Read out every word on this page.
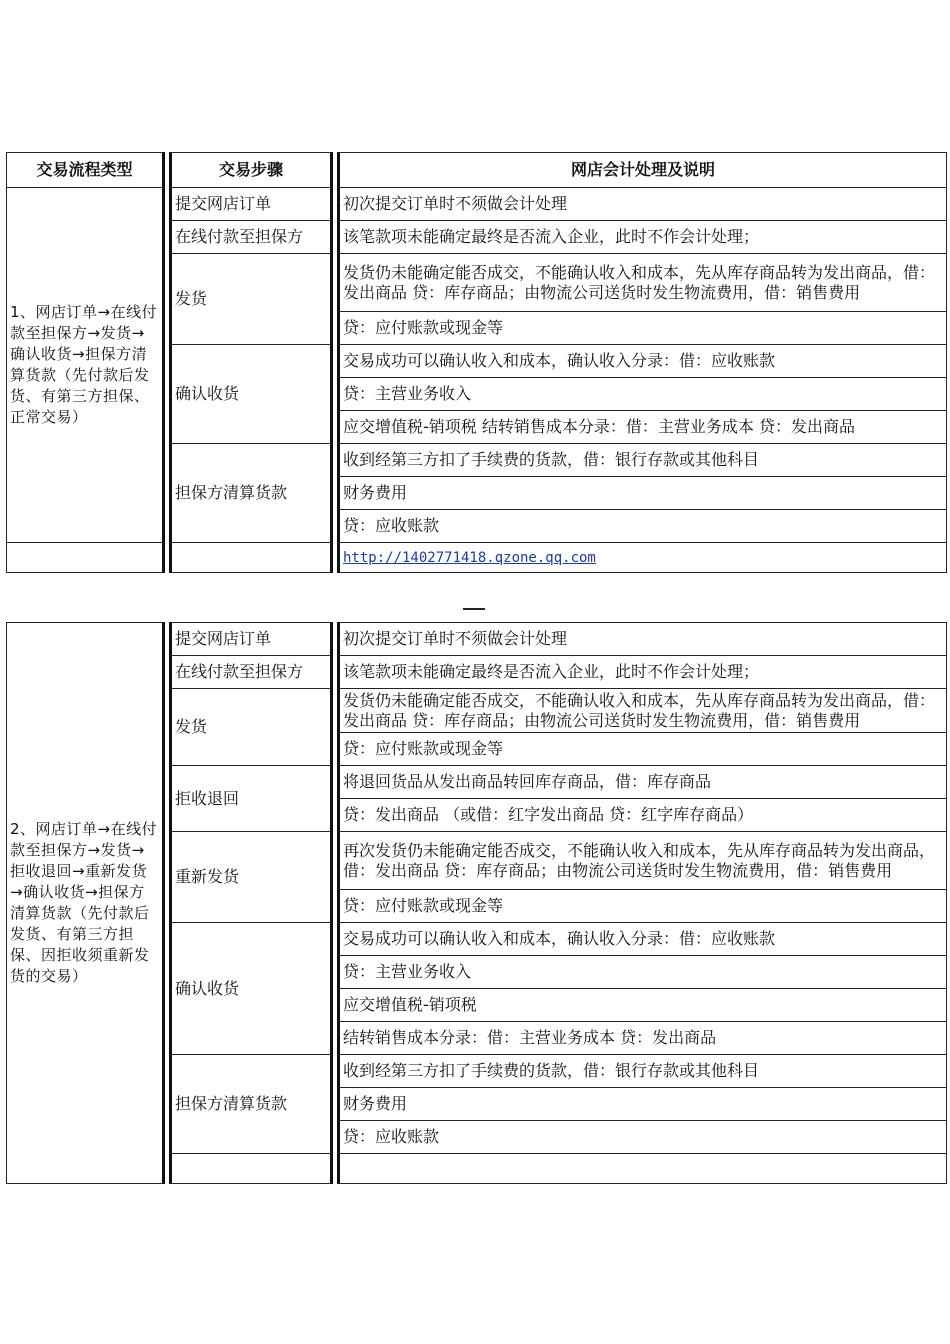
交易流程类型		交易步骤		网店会计处理及说明
1、网店订单→在线付款至担保方→发货→确认收货→担保方清算货款（先付款后发货、有第三方担保、正常交易）		提交网店订单		初次提交订单时不须做会计处理
		在线付款至担保方		该笔款项未能确定最终是否流入企业，此时不作会计处理；
		发货		发货仍未能确定能否成交，不能确认收入和成本，先从库存商品转为发出商品，借：发出商品 贷：库存商品；由物流公司送货时发生物流费用，借：销售费用
				贷：应付账款或现金等
		确认收货		交易成功可以确认收入和成本，确认收入分录：借：应收账款
				贷：主营业务收入
				应交增值税-销项税 结转销售成本分录：借：主营业务成本 贷：发出商品
		担保方清算货款		收到经第三方扣了手续费的货款，借：银行存款或其他科目
				财务费用
				贷：应收账款
				http://1402771418.qzone.qq.com
2、网店订单→在线付款至担保方→发货→拒收退回→重新发货→确认收货→担保方清算货款（先付款后发货、有第三方担保、因拒收须重新发货的交易）		提交网店订单		初次提交订单时不须做会计处理	
		在线付款至担保方		该笔款项未能确定最终是否流入企业，此时不作会计处理；	
		发货		发货仍未能确定能否成交，不能确认收入和成本，先从库存商品转为发出商品，借：发出商品 贷：库存商品；由物流公司送货时发生物流费用，借：销售费用	
				贷：应付账款或现金等	
		拒收退回		将退回货品从发出商品转回库存商品，借：库存商品	
				贷：发出商品 （或借：红字发出商品 贷：红字库存商品）	
		重新发货		再次发货仍未能确定能否成交，不能确认收入和成本，先从库存商品转为发出商品，借：发出商品 贷：库存商品；由物流公司送货时发生物流费用，借：销售费用	
				贷：应付账款或现金等	
		确认收货		交易成功可以确认收入和成本，确认收入分录：借：应收账款	
				贷：主营业务收入	
				应交增值税-销项税	
				结转销售成本分录：借：主营业务成本 贷：发出商品	
		担保方清算货款		收到经第三方扣了手续费的货款，借：银行存款或其他科目	
				财务费用	
				贷：应收账款	
